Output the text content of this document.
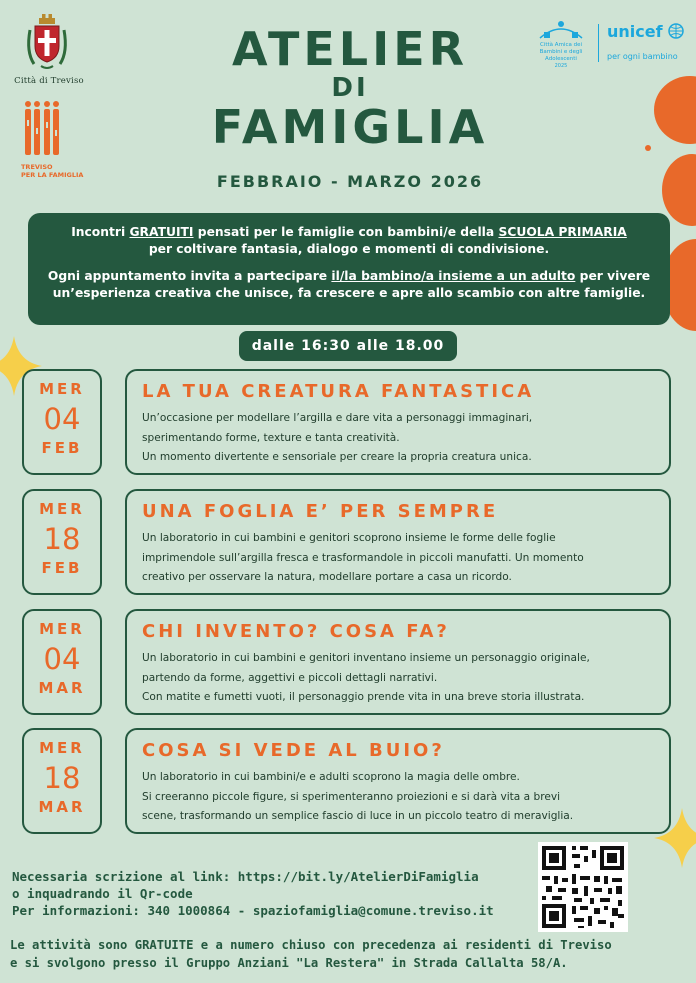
Città di Treviso
TREVISO
PER LA FAMIGLIA
ATELIER
DI
FAMIGLIA
FEBBRAIO - MARZO 2026
Città Amica dei
Bambini e degli
Adolescenti
2025
unicef
per ogni bambino

Incontri GRATUITI pensati per le famiglie con bambini/e della SCUOLA PRIMARIA
per coltivare fantasia, dialogo e momenti di condivisione.

Ogni appuntamento invita a partecipare il/la bambino/a insieme a un adulto per vivere un’esperienza creativa che unisce, fa crescere e apre allo scambio con altre famiglie.

dalle 16:30 alle 18.00
MER
04
FEB
LA TUA CREATURA FANTASTICA
Un’occasione per modellare l’argilla e dare vita a personaggi immaginari,
sperimentando forme, texture e tanta creatività.
Un momento divertente e sensoriale per creare la propria creatura unica.
MER
18
FEB
UNA FOGLIA E’ PER SEMPRE
Un laboratorio in cui bambini e genitori scoprono insieme le forme delle foglie
imprimendole sull’argilla fresca e trasformandole in piccoli manufatti. Un momento
creativo per osservare la natura, modellare portare a casa un ricordo.
MER
04
MAR
CHI INVENTO? COSA FA?
Un laboratorio in cui bambini e genitori inventano insieme un personaggio originale,
partendo da forme, aggettivi e piccoli dettagli narrativi.
Con matite e fumetti vuoti, il personaggio prende vita in una breve storia illustrata.
MER
18
MAR
COSA SI VEDE AL BUIO?
Un laboratorio in cui bambini/e e adulti scoprono la magia delle ombre.
Si creeranno piccole figure, si sperimenteranno proiezioni e si darà vita a brevi
scene, trasformando un semplice fascio di luce in un piccolo teatro di meraviglia.
Necessaria scrizione al link: https://bit.ly/AtelierDiFamiglia
o inquadrando il Qr-code
Per informazioni: 340 1000864 - spaziofamiglia@comune.treviso.it
Le attività sono GRATUITE e a numero chiuso con precedenza ai residenti di Treviso
e si svolgono presso il Gruppo Anziani "La Restera" in Strada Callalta 58/A.
